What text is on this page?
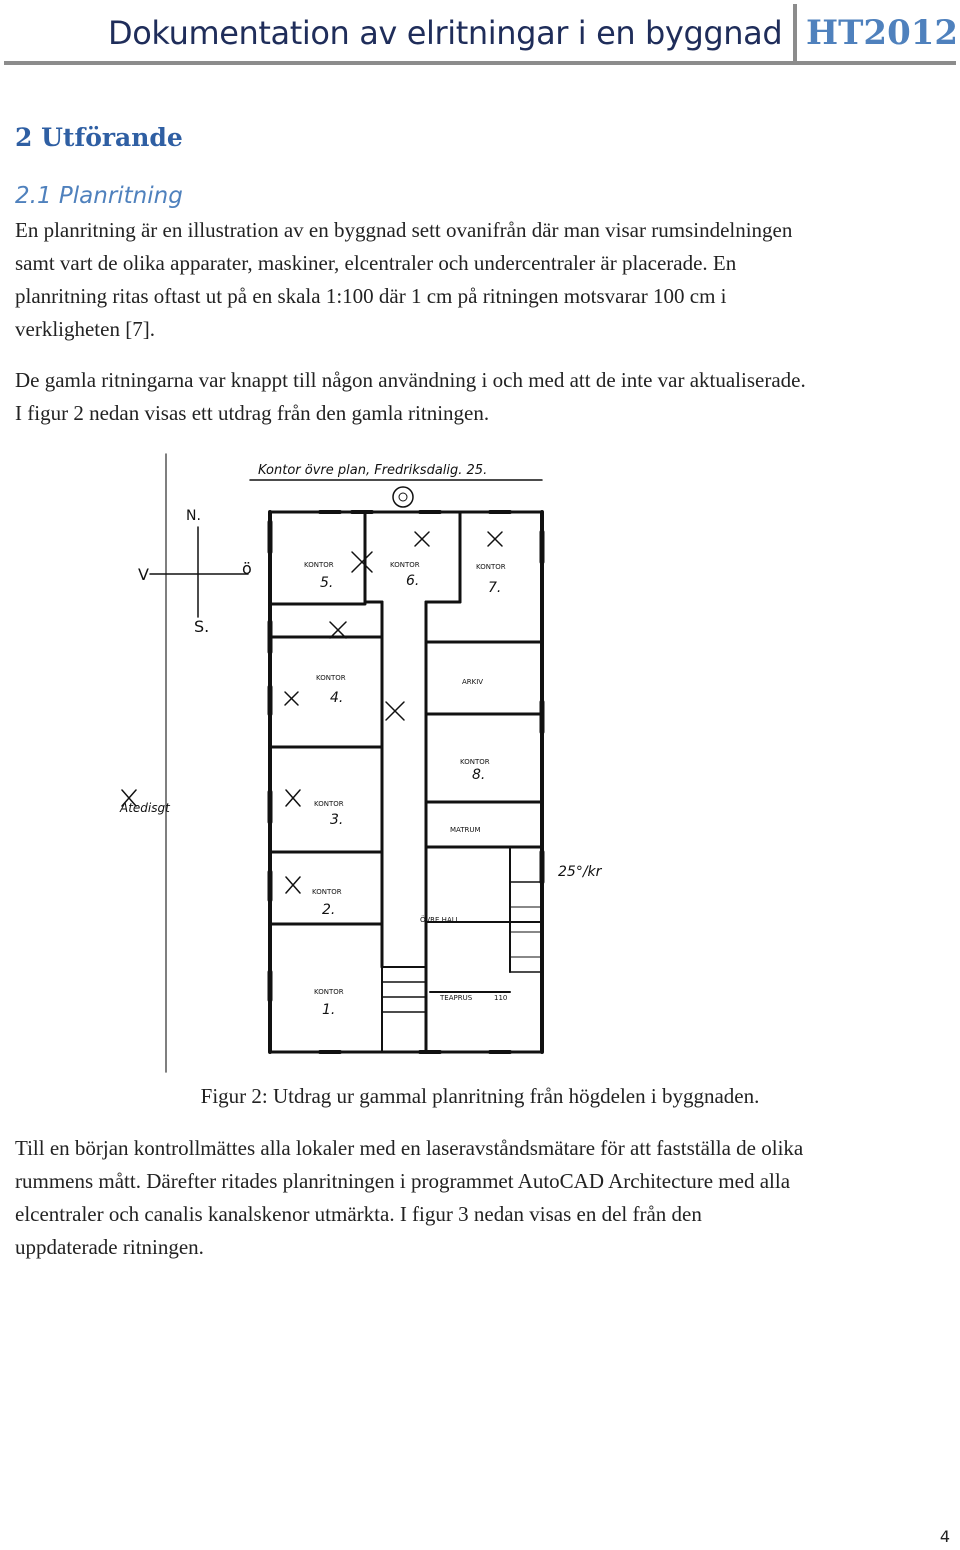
Dokumentation av elritningar i en byggnad HT2012
2 Utförande
2.1 Planritning
En planritning är en illustration av en byggnad sett ovanifrån där man visar rumsindelningen
samt vart de olika apparater, maskiner, elcentraler och undercentraler är placerade. En
planritning ritas oftast ut på en skala 1:100 där 1 cm på ritningen motsvarar 100 cm i
verkligheten [7].
De gamla ritningarna var knappt till någon användning i och med att de inte var aktualiserade.
I figur 2 nedan visas ett utdrag från den gamla ritningen.
Kontor övre plan, Fredriksdalig. 25.
N.
S.
V	ö	KONTOR	KONTOR	KONTOR
KONTOR	ARKIV
KONTOR
KONTOR
MATRUM
KONTOR
KONTOR
ÖVRE HALL
TEAPRUS
5.	6.	7.
4.
8.
3.
2.
1.
110
25°/kr
Atedisgt
Figur 2: Utdrag ur gammal planritning från högdelen i byggnaden.
Till en början kontrollmättes alla lokaler med en laseravståndsmätare för att fastställa de olika
rummens mått. Därefter ritades planritningen i programmet AutoCAD Architecture med alla
elcentraler och canalis kanalskenor utmärkta. I figur 3 nedan visas en del från den
uppdaterade ritningen.
4
